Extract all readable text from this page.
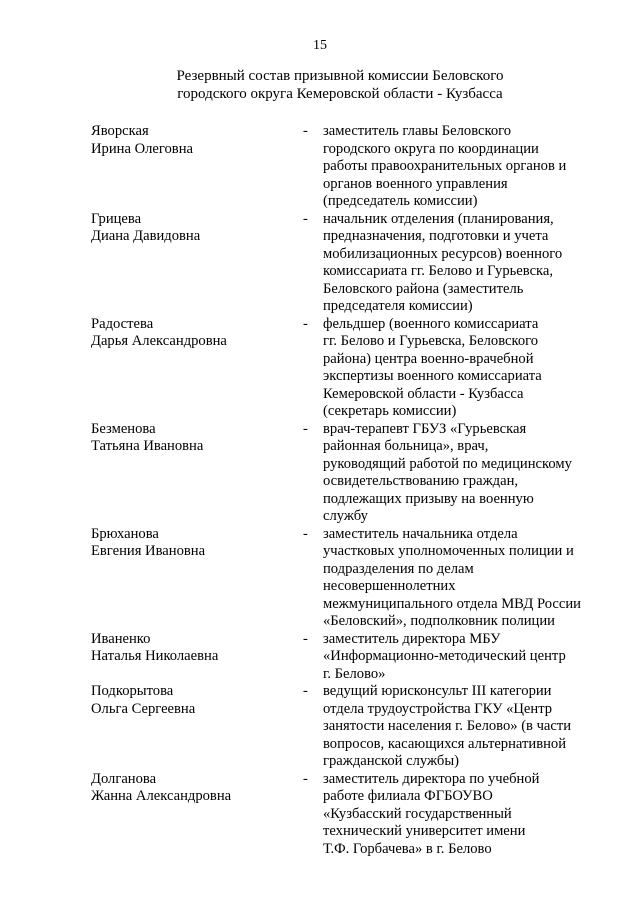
15
Резервный состав призывной комиссии Беловского
городского округа Кемеровской области - Кузбасса
Яворская
Ирина Олеговна
-	заместитель главы Беловского
городского округа по координации
работы правоохранительных органов и
органов военного управления
(председатель комиссии)
Грицева
Диана Давидовна
-	начальник отделения (планирования,
предназначения, подготовки и учета
мобилизационных ресурсов) военного
комиссариата гг. Белово и Гурьевска,
Беловского района (заместитель
председателя комиссии)
Радостева
Дарья Александровна
-	фельдшер (военного комиссариата
гг. Белово и Гурьевска, Беловского
района) центра военно-врачебной
экспертизы военного комиссариата
Кемеровской области - Кузбасса
(секретарь комиссии)
Безменова
Татьяна Ивановна
-	врач-терапевт ГБУЗ «Гурьевская
районная больница», врач,
руководящий работой по медицинскому
освидетельствованию граждан,
подлежащих призыву на военную
службу
Брюханова
Евгения Ивановна
-	заместитель начальника отдела
участковых уполномоченных полиции и
подразделения по делам
несовершеннолетних
межмуниципального отдела МВД России
«Беловский», подполковник полиции
Иваненко
Наталья Николаевна
-	заместитель директора МБУ
«Информационно-методический центр
г. Белово»
Подкорытова
Ольга Сергеевна
-	ведущий юрисконсульт III категории
отдела трудоустройства ГКУ «Центр
занятости населения г. Белово» (в части
вопросов, касающихся альтернативной
гражданской службы)
Долганова
Жанна Александровна
-	заместитель директора по учебной
работе филиала ФГБОУВО
«Кузбасский государственный
технический университет имени
Т.Ф. Горбачева» в г. Белово
